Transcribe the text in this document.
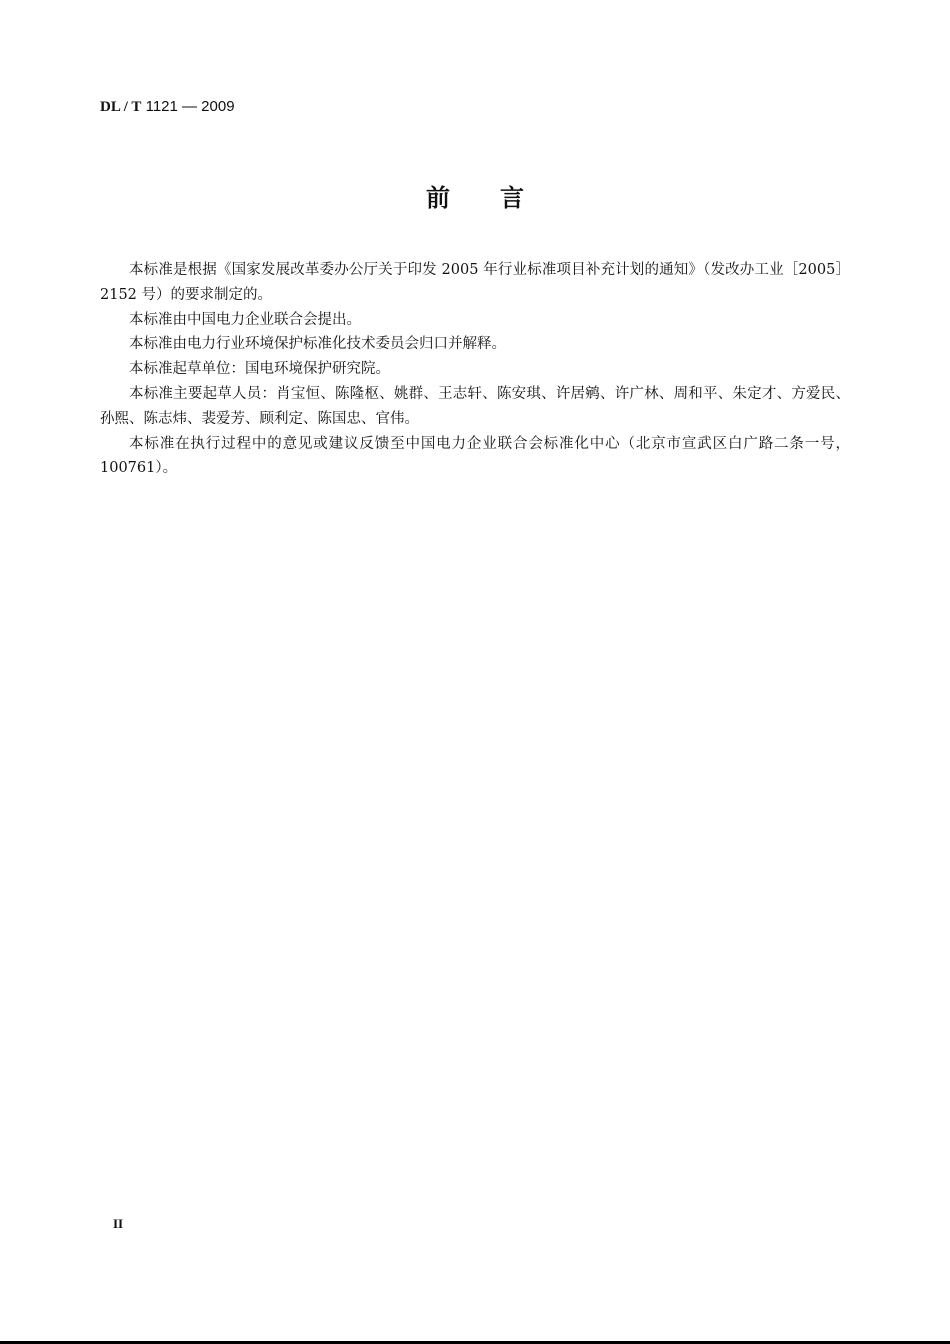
DL / T 1121 — 2009
前言

本标准是根据《国家发展改革委办公厅关于印发 2005 年行业标准项目补充计划的通知》（发改办工业［2005］2152 号）的要求制定的。

本标准由中国电力企业联合会提出。

本标准由电力行业环境保护标准化技术委员会归口并解释。

本标准起草单位：国电环境保护研究院。

本标准主要起草人员：肖宝恒、陈隆枢、姚群、王志轩、陈安琪、许居鹓、许广林、周和平、朱定才、方爱民、孙熙、陈志炜、裴爱芳、顾利定、陈国忠、官伟。

本标准在执行过程中的意见或建议反馈至中国电力企业联合会标准化中心（北京市宣武区白广路二条一号，100761）。

II
